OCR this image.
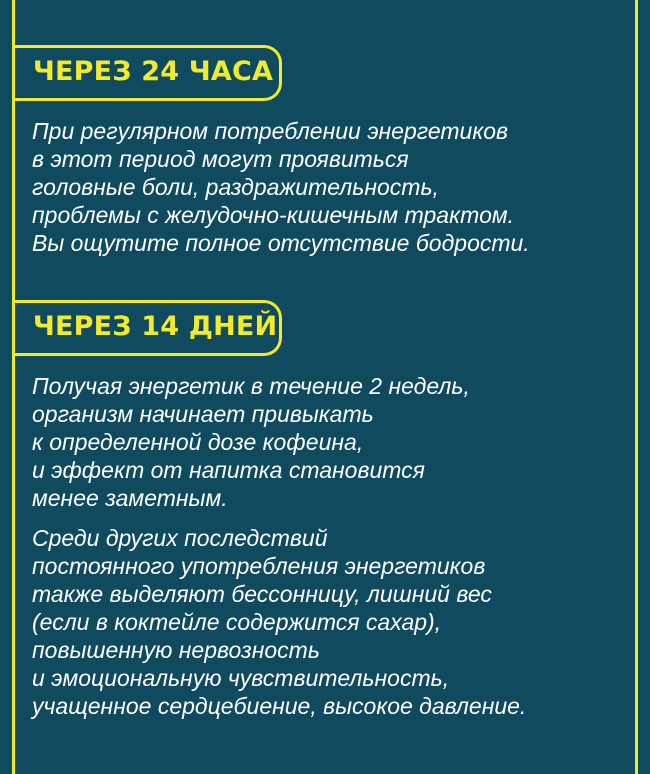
ЧЕРЕЗ 24 ЧАСА

При регулярном потреблении энергетиков
в этот период могут проявиться
головные боли, раздражительность,
проблемы с желудочно-кишечным трактом.
Вы ощутите полное отсутствие бодрости.

ЧЕРЕЗ 14 ДНЕЙ

Получая энергетик в течение 2 недель,
организм начинает привыкать
к определенной дозе кофеина,
и эффект от напитка становится
менее заметным.

Среди других последствий
постоянного употребления энергетиков
также выделяют бессонницу, лишний вес
(если в коктейле содержится сахар),
повышенную нервозность
и эмоциональную чувствительность,
учащенное сердцебиение, высокое давление.
